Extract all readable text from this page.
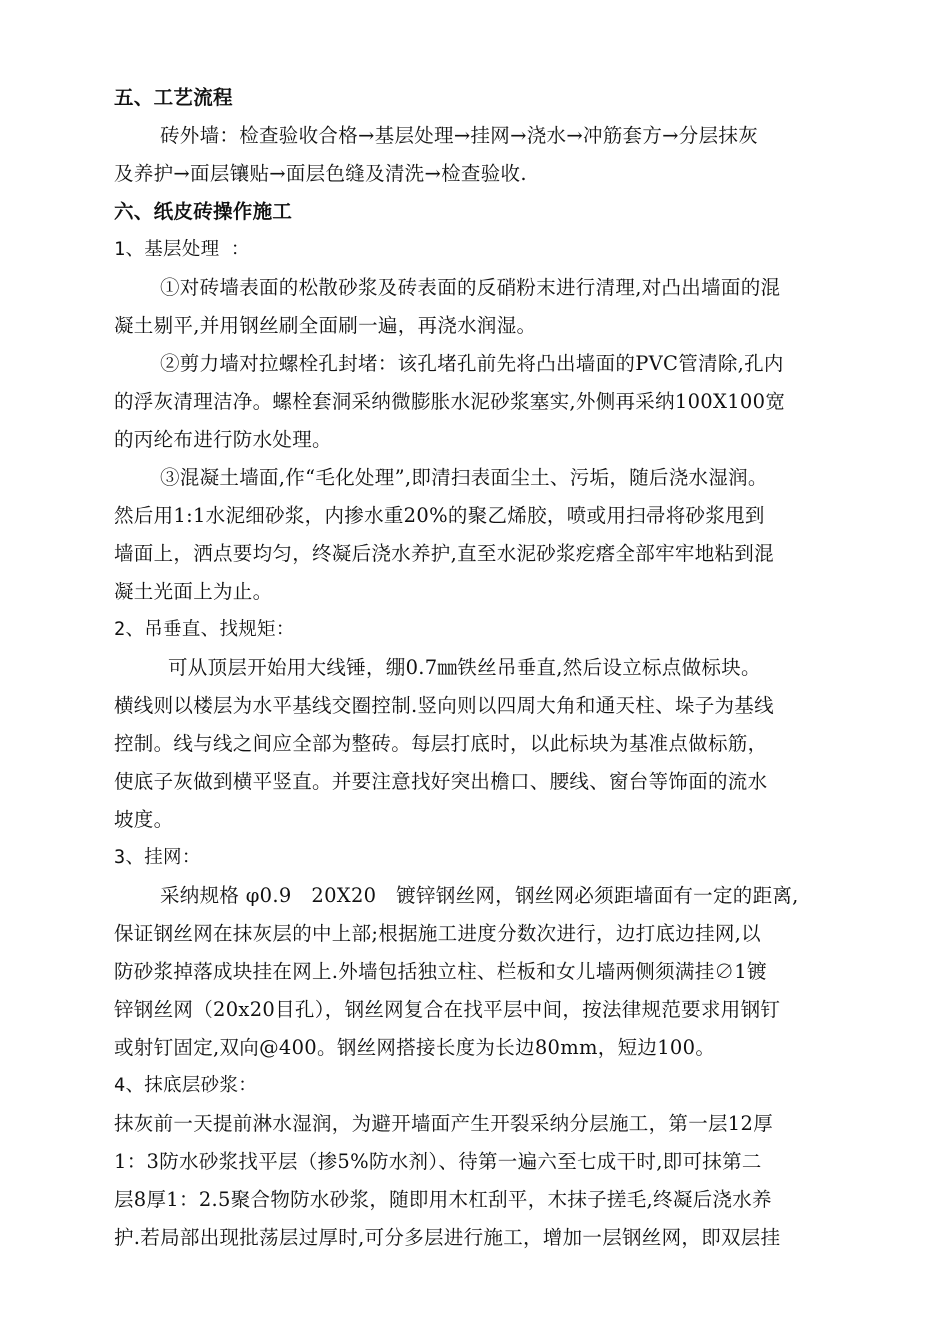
五、工艺流程
砖外墙：检查验收合格→基层处理→挂网→浇水→冲筋套方→分层抹灰
及养护→面层镶贴→面层色缝及清洗→检查验收.
六、纸皮砖操作施工
1、基层处理 ：
①对砖墙表面的松散砂浆及砖表面的反硝粉末进行清理,对凸出墙面的混
凝土剔平,并用钢丝刷全面刷一遍，再浇水润湿。
②剪力墙对拉螺栓孔封堵：该孔堵孔前先将凸出墙面的PVC管清除,孔内
的浮灰清理洁净。螺栓套洞采纳微膨胀水泥砂浆塞实,外侧再采纳100X100宽
的丙纶布进行防水处理。
③混凝土墙面,作“毛化处理”,即清扫表面尘土、污垢，随后浇水湿润。
然后用1:1水泥细砂浆，内掺水重20%的聚乙烯胶，喷或用扫帚将砂浆甩到
墙面上，洒点要均匀，终凝后浇水养护,直至水泥砂浆疙瘩全部牢牢地粘到混
凝土光面上为止。
2、吊垂直、找规矩：
可从顶层开始用大线锤，绷0.7㎜铁丝吊垂直,然后设立标点做标块。
横线则以楼层为水平基线交圈控制.竖向则以四周大角和通天柱、垛子为基线
控制。线与线之间应全部为整砖。每层打底时，以此标块为基准点做标筋，
使底子灰做到横平竖直。并要注意找好突出檐口、腰线、窗台等饰面的流水
坡度。
3、挂网：
采纳规格 φ0.9　20X20　镀锌钢丝网，钢丝网必须距墙面有一定的距离,
保证钢丝网在抹灰层的中上部;根据施工进度分数次进行，边打底边挂网,以
防砂浆掉落成块挂在网上.外墙包括独立柱、栏板和女儿墙两侧须满挂∅1镀
锌钢丝网（20x20目孔），钢丝网复合在找平层中间，按法律规范要求用钢钉
或射钉固定,双向@400。钢丝网搭接长度为长边80mm，短边100。
4、抹底层砂浆：
抹灰前一天提前淋水湿润，为避开墙面产生开裂采纳分层施工，第一层12厚
1：3防水砂浆找平层（掺5%防水剂）、待第一遍六至七成干时,即可抹第二
层8厚1：2.5聚合物防水砂浆，随即用木杠刮平，木抹子搓毛,终凝后浇水养
护.若局部出现批荡层过厚时,可分多层进行施工，增加一层钢丝网，即双层挂
